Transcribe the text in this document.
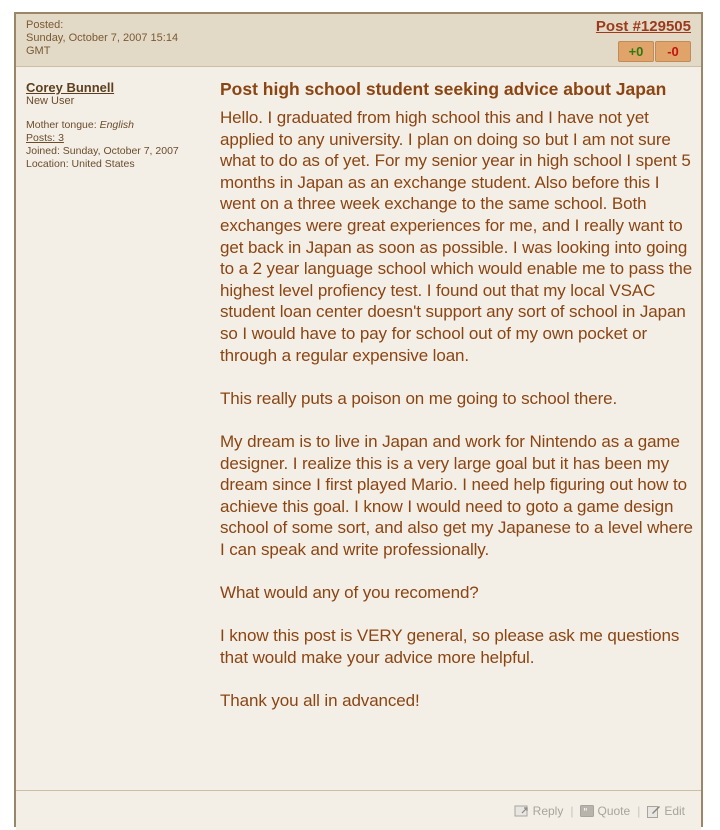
Posted:
Sunday, October 7, 2007 15:14 GMT
Post #129505
+0	-0
Corey Bunnell
New User
Mother tongue: English
Posts: 3
Joined: Sunday, October 7, 2007
Location: United States
Post high school student seeking advice about Japan

Hello. I graduated from high school this and I have not yet applied to any university. I plan on doing so but I am not sure what to do as of yet. For my senior year in high school I spent 5 months in Japan as an exchange student. Also before this I went on a three week exchange to the same school. Both exchanges were great experiences for me, and I really want to get back in Japan as soon as possible. I was looking into going to a 2 year language school which would enable me to pass the highest level profiency test. I found out that my local VSAC student loan center doesn't support any sort of school in Japan so I would have to pay for school out of my own pocket or through a regular expensive loan.

This really puts a poison on me going to school there.

My dream is to live in Japan and work for Nintendo as a game designer. I realize this is a very large goal but it has been my dream since I first played Mario. I need help figuring out how to achieve this goal. I know I would need to goto a game design school of some sort, and also get my Japanese to a level where I can speak and write professionally.

What would any of you recomend?

I know this post is VERY general, so please ask me questions that would make your advice more helpful.

Thank you all in advanced!

Reply | " Quote | Edit
